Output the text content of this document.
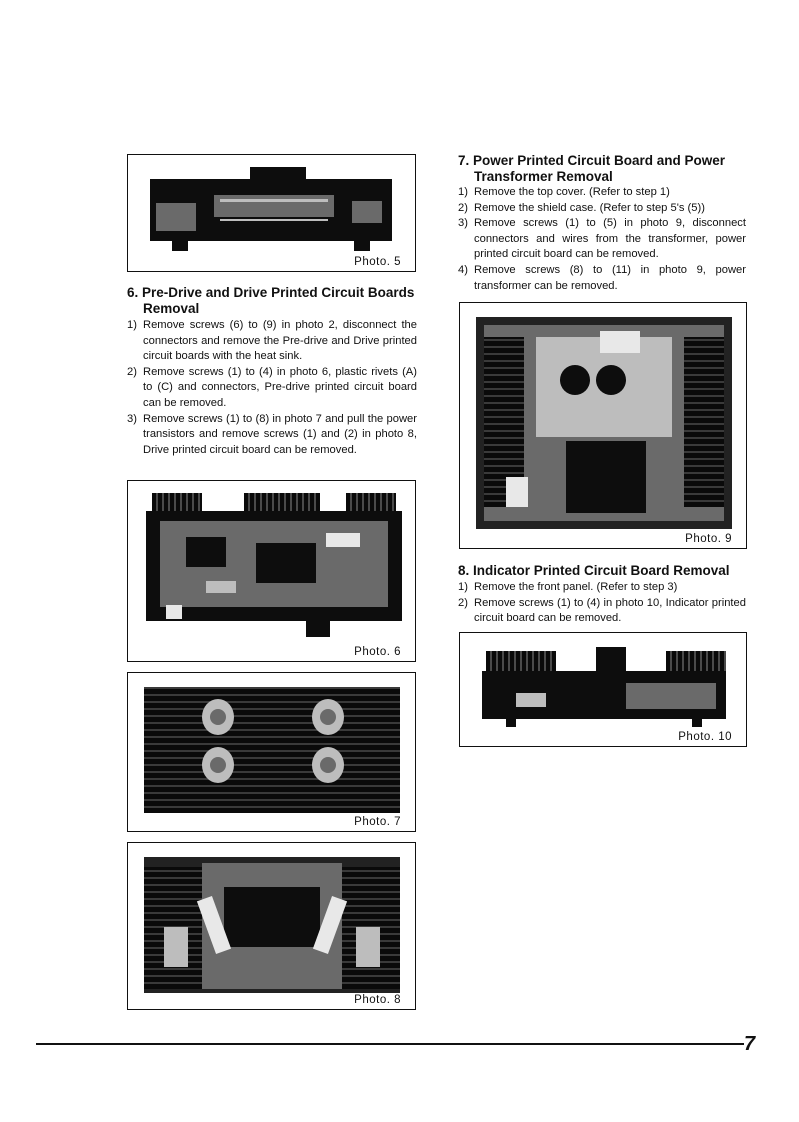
Photo. 5
6. Pre-Drive and Drive Printed Circuit Boards
Removal
1) Remove screws (6) to (9) in photo 2, disconnect the connectors and remove the Pre-drive and Drive printed circuit boards with the heat sink.
2) Remove screws (1) to (4) in photo 6, plastic rivets (A) to (C) and connectors, Pre-drive printed circuit board can be removed.
3) Remove screws (1) to (8) in photo 7 and pull the power transistors and remove screws (1) and (2) in photo 8, Drive printed circuit board can be removed.
Photo. 6
Photo. 7
Photo. 8
7. Power Printed Circuit Board and Power
Transformer Removal
1) Remove the top cover. (Refer to step 1)
2) Remove the shield case. (Refer to step 5's (5))
3) Remove screws (1) to (5) in photo 9, disconnect connectors and wires from the transformer, power printed circuit board can be removed.
4) Remove screws (8) to (11) in photo 9, power transformer can be removed.
Photo. 9
8. Indicator Printed Circuit Board Removal
1) Remove the front panel. (Refer to step 3)
2) Remove screws (1) to (4) in photo 10, Indicator printed circuit board can be removed.
Photo. 10
7
